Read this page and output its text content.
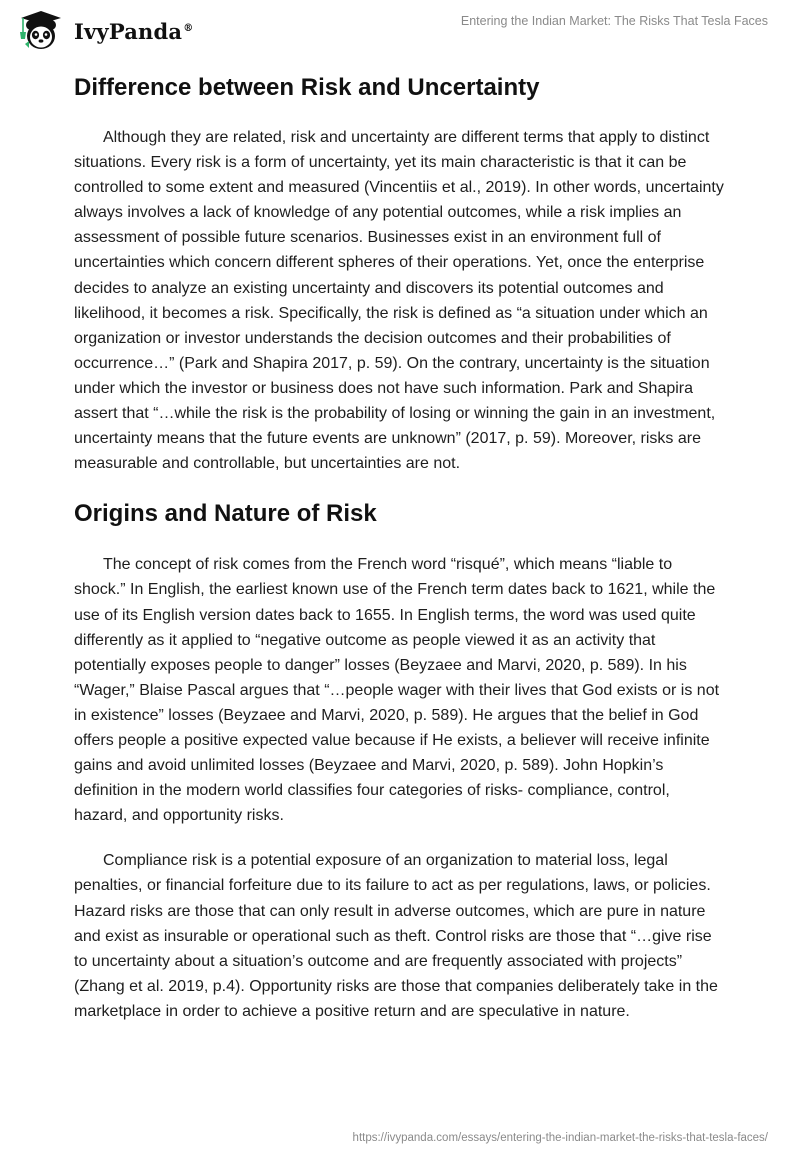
IvyPanda®	Entering the Indian Market: The Risks That Tesla Faces
Difference between Risk and Uncertainty

Although they are related, risk and uncertainty are different terms that apply to distinct situations. Every risk is a form of uncertainty, yet its main characteristic is that it can be controlled to some extent and measured (Vincentiis et al., 2019). In other words, uncertainty always involves a lack of knowledge of any potential outcomes, while a risk implies an assessment of possible future scenarios. Businesses exist in an environment full of uncertainties which concern different spheres of their operations. Yet, once the enterprise decides to analyze an existing uncertainty and discovers its potential outcomes and likelihood, it becomes a risk. Specifically, the risk is defined as “a situation under which an organization or investor understands the decision outcomes and their probabilities of occurrence…” (Park and Shapira 2017, p. 59). On the contrary, uncertainty is the situation under which the investor or business does not have such information. Park and Shapira assert that “…while the risk is the probability of losing or winning the gain in an investment, uncertainty means that the future events are unknown” (2017, p. 59). Moreover, risks are measurable and controllable, but uncertainties are not.

Origins and Nature of Risk

The concept of risk comes from the French word “risqué”, which means “liable to shock.” In English, the earliest known use of the French term dates back to 1621, while the use of its English version dates back to 1655. In English terms, the word was used quite differently as it applied to “negative outcome as people viewed it as an activity that potentially exposes people to danger” losses (Beyzaee and Marvi, 2020, p. 589). In his “Wager,” Blaise Pascal argues that “…people wager with their lives that God exists or is not in existence” losses (Beyzaee and Marvi, 2020, p. 589). He argues that the belief in God offers people a positive expected value because if He exists, a believer will receive infinite gains and avoid unlimited losses (Beyzaee and Marvi, 2020, p. 589). John Hopkin’s definition in the modern world classifies four categories of risks- compliance, control, hazard, and opportunity risks.

Compliance risk is a potential exposure of an organization to material loss, legal penalties, or financial forfeiture due to its failure to act as per regulations, laws, or policies. Hazard risks are those that can only result in adverse outcomes, which are pure in nature and exist as insurable or operational such as theft. Control risks are those that “…give rise to uncertainty about a situation’s outcome and are frequently associated with projects” (Zhang et al. 2019, p.4). Opportunity risks are those that companies deliberately take in the marketplace in order to achieve a positive return and are speculative in nature.

https://ivypanda.com/essays/entering-the-indian-market-the-risks-that-tesla-faces/
